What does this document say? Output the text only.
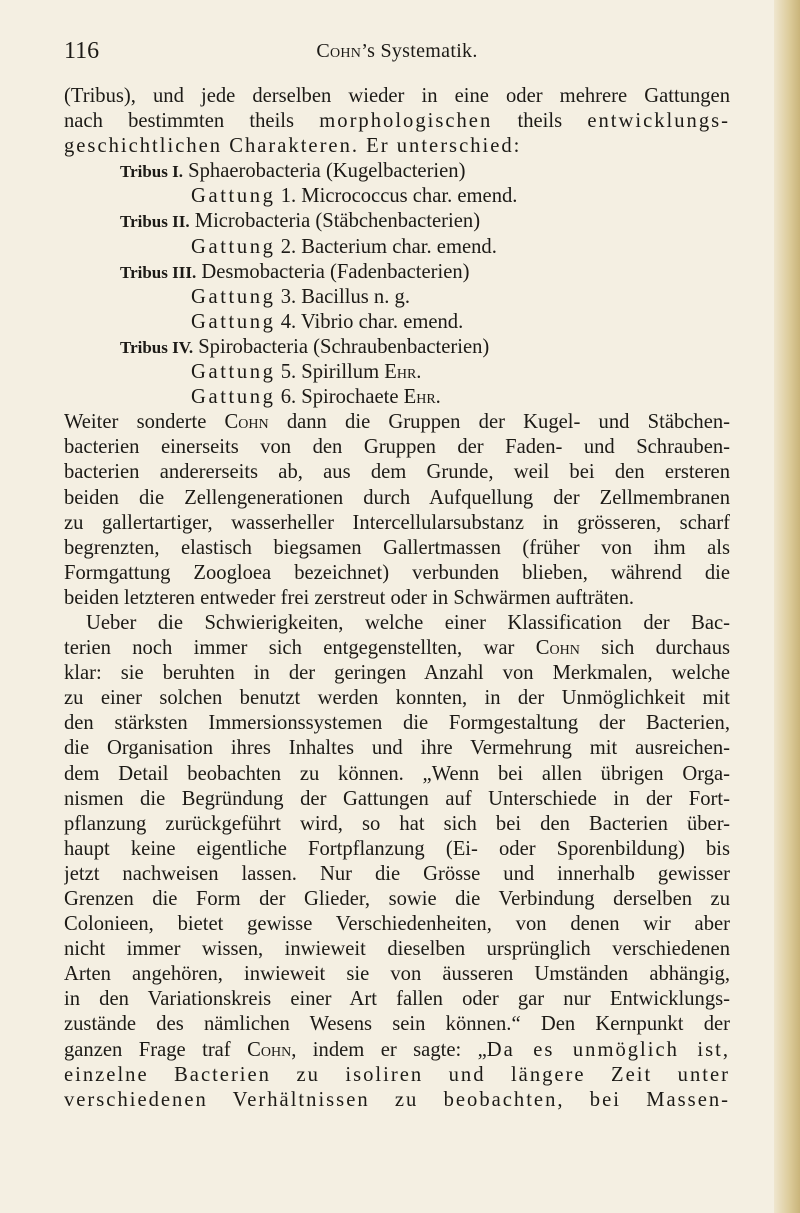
116	Cohn’s Systematik.
(Tribus), und jede derselben wieder in eine oder mehrere Gattungen
nach bestimmten theils morphologischen theils entwicklungs-
geschichtlichen Charakteren. Er unterschied:
Tribus I. Sphaerobacteria (Kugelbacterien)
Gattung 1. Micrococcus char. emend.
Tribus II. Microbacteria (Stäbchenbacterien)
Gattung 2. Bacterium char. emend.
Tribus III. Desmobacteria (Fadenbacterien)
Gattung 3. Bacillus n. g.
Gattung 4. Vibrio char. emend.
Tribus IV. Spirobacteria (Schraubenbacterien)
Gattung 5. Spirillum Ehr.
Gattung 6. Spirochaete Ehr.
Weiter sonderte Cohn dann die Gruppen der Kugel- und Stäbchen-
bacterien einerseits von den Gruppen der Faden- und Schrauben-
bacterien andererseits ab, aus dem Grunde, weil bei den ersteren
beiden die Zellengenerationen durch Aufquellung der Zellmembranen
zu gallertartiger, wasserheller Intercellularsubstanz in grösseren, scharf
begrenzten, elastisch biegsamen Gallertmassen (früher von ihm als
Formgattung Zoogloea bezeichnet) verbunden blieben, während die
beiden letzteren entweder frei zerstreut oder in Schwärmen aufträten.
Ueber die Schwierigkeiten, welche einer Klassification der Bac-
terien noch immer sich entgegenstellten, war Cohn sich durchaus
klar: sie beruhten in der geringen Anzahl von Merkmalen, welche
zu einer solchen benutzt werden konnten, in der Unmöglichkeit mit
den stärksten Immersionssystemen die Formgestaltung der Bacterien,
die Organisation ihres Inhaltes und ihre Vermehrung mit ausreichen-
dem Detail beobachten zu können. „Wenn bei allen übrigen Orga-
nismen die Begründung der Gattungen auf Unterschiede in der Fort-
pflanzung zurückgeführt wird, so hat sich bei den Bacterien über-
haupt keine eigentliche Fortpflanzung (Ei- oder Sporenbildung) bis
jetzt nachweisen lassen. Nur die Grösse und innerhalb gewisser
Grenzen die Form der Glieder, sowie die Verbindung derselben zu
Colonieen, bietet gewisse Verschiedenheiten, von denen wir aber
nicht immer wissen, inwieweit dieselben ursprünglich verschiedenen
Arten angehören, inwieweit sie von äusseren Umständen abhängig,
in den Variationskreis einer Art fallen oder gar nur Entwicklungs-
zustände des nämlichen Wesens sein können.“ Den Kernpunkt der
ganzen Frage traf Cohn, indem er sagte: „Da es unmöglich ist,
einzelne Bacterien zu isoliren und längere Zeit unter
verschiedenen Verhältnissen zu beobachten, bei Massen-
